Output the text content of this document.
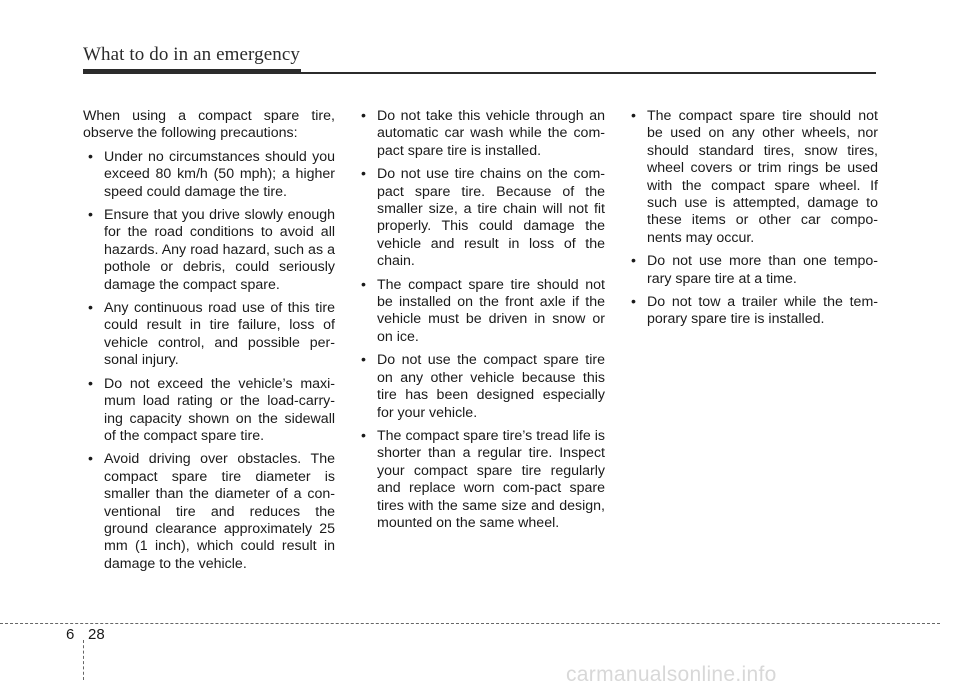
What to do in an emergency

When using a compact spare tire, observe the following precautions:

• Under no circumstances should you exceed 80 km/h (50 mph); a higher speed could damage the tire.
• Ensure that you drive slowly enough for the road conditions to avoid all hazards. Any road hazard, such as a pothole or debris, could seriously damage the compact spare.
• Any continuous road use of this tire could result in tire failure, loss of vehicle control, and possible per-sonal injury.
• Do not exceed the vehicle’s maxi-mum load rating or the load-carry-ing capacity shown on the sidewall of the compact spare tire.
• Avoid driving over obstacles. The compact spare tire diameter is smaller than the diameter of a con-ventional tire and reduces the ground clearance approximately 25 mm (1 inch), which could result in damage to the vehicle.
• Do not take this vehicle through an automatic car wash while the com-pact spare tire is installed.
• Do not use tire chains on the com-pact spare tire. Because of the smaller size, a tire chain will not fit properly. This could damage the vehicle and result in loss of the chain.
• The compact spare tire should not be installed on the front axle if the vehicle must be driven in snow or on ice.
• Do not use the compact spare tire on any other vehicle because this tire has been designed especially for your vehicle.
• The compact spare tire’s tread life is shorter than a regular tire. Inspect your compact spare tire regularly and replace worn com-pact spare tires with the same size and design, mounted on the same wheel.
• The compact spare tire should not be used on any other wheels, nor should standard tires, snow tires, wheel covers or trim rings be used with the compact spare wheel. If such use is attempted, damage to these items or other car compo-nents may occur.
• Do not use more than one tempo-rary spare tire at a time.
• Do not tow a trailer while the tem-porary spare tire is installed.
6 28
carmanualsonline.info
